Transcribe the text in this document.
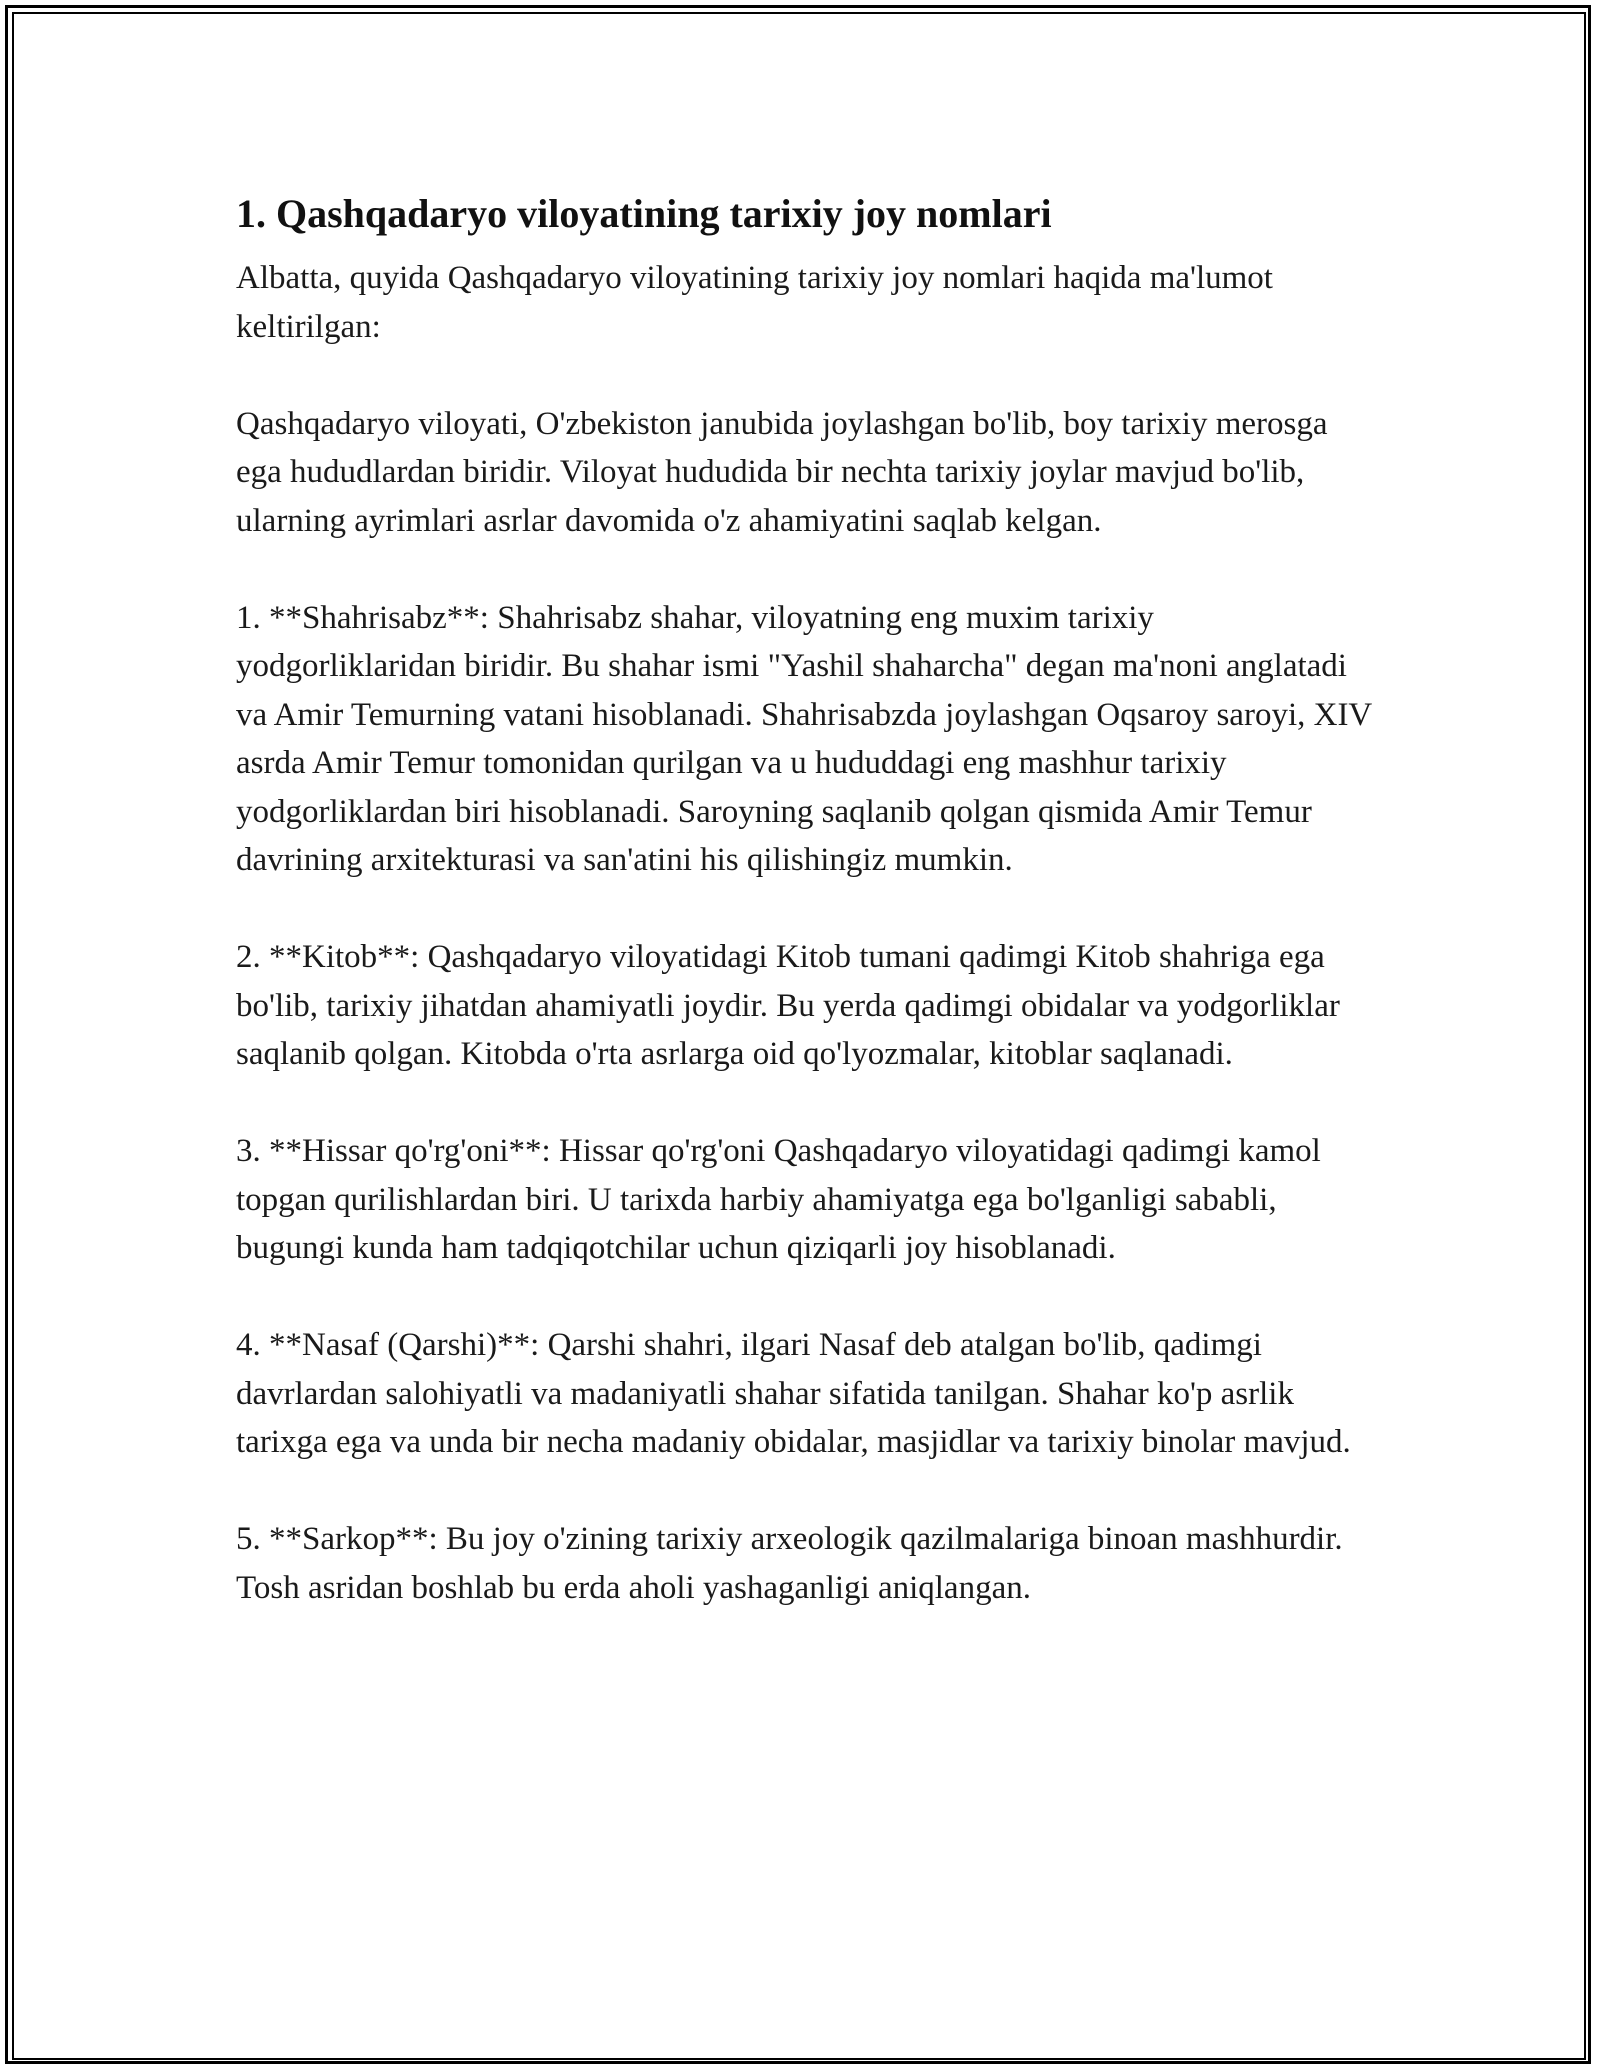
1. Qashqadaryo viloyatining tarixiy joy nomlari

Albatta, quyida Qashqadaryo viloyatining tarixiy joy nomlari haqida ma'lumot keltirilgan:

Qashqadaryo viloyati, O'zbekiston janubida joylashgan bo'lib, boy tarixiy merosga ega hududlardan biridir. Viloyat hududida bir nechta tarixiy joylar mavjud bo'lib, ularning ayrimlari asrlar davomida o'z ahamiyatini saqlab kelgan.

1. **Shahrisabz**: Shahrisabz shahar, viloyatning eng muxim tarixiy yodgorliklaridan biridir. Bu shahar ismi "Yashil shaharcha" degan ma'noni anglatadi va Amir Temurning vatani hisoblanadi. Shahrisabzda joylashgan Oqsaroy saroyi, XIV asrda Amir Temur tomonidan qurilgan va u hududdagi eng mashhur tarixiy yodgorliklardan biri hisoblanadi. Saroyning saqlanib qolgan qismida Amir Temur davrining arxitekturasi va san'atini his qilishingiz mumkin.

2. **Kitob**: Qashqadaryo viloyatidagi Kitob tumani qadimgi Kitob shahriga ega bo'lib, tarixiy jihatdan ahamiyatli joydir. Bu yerda qadimgi obidalar va yodgorliklar saqlanib qolgan. Kitobda o'rta asrlarga oid qo'lyozmalar, kitoblar saqlanadi.

3. **Hissar qo'rg'oni**: Hissar qo'rg'oni Qashqadaryo viloyatidagi qadimgi kamol topgan qurilishlardan biri. U tarixda harbiy ahamiyatga ega bo'lganligi sababli, bugungi kunda ham tadqiqotchilar uchun qiziqarli joy hisoblanadi.

4. **Nasaf (Qarshi)**: Qarshi shahri, ilgari Nasaf deb atalgan bo'lib, qadimgi davrlardan salohiyatli va madaniyatli shahar sifatida tanilgan. Shahar ko'p asrlik tarixga ega va unda bir necha madaniy obidalar, masjidlar va tarixiy binolar mavjud.

5. **Sarkop**: Bu joy o'zining tarixiy arxeologik qazilmalariga binoan mashhurdir. Tosh asridan boshlab bu erda aholi yashaganligi aniqlangan.
